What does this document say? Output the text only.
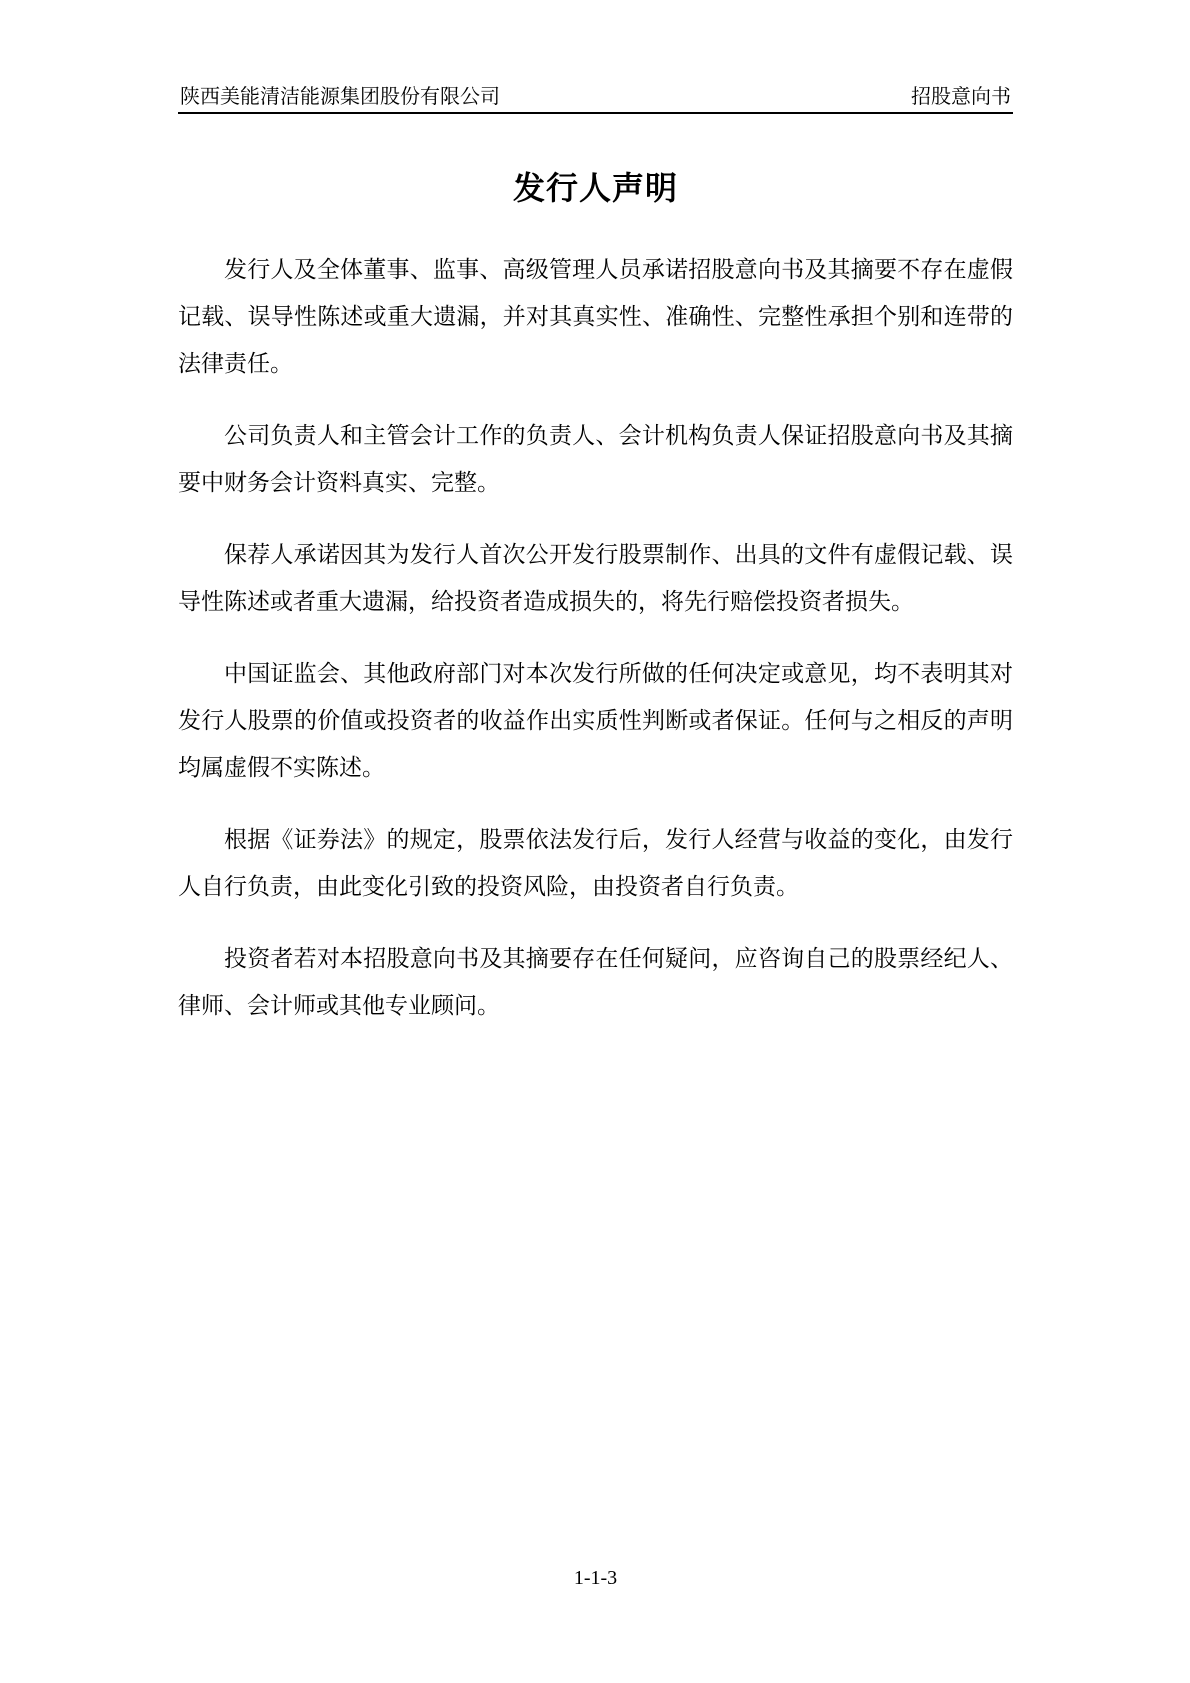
陕西美能清洁能源集团股份有限公司	招股意向书
发行人声明

发行人及全体董事、监事、高级管理人员承诺招股意向书及其摘要不存在虚假记载、误导性陈述或重大遗漏，并对其真实性、准确性、完整性承担个别和连带的法律责任。

公司负责人和主管会计工作的负责人、会计机构负责人保证招股意向书及其摘要中财务会计资料真实、完整。

保荐人承诺因其为发行人首次公开发行股票制作、出具的文件有虚假记载、误导性陈述或者重大遗漏，给投资者造成损失的，将先行赔偿投资者损失。

中国证监会、其他政府部门对本次发行所做的任何决定或意见，均不表明其对发行人股票的价值或投资者的收益作出实质性判断或者保证。任何与之相反的声明均属虚假不实陈述。

根据《证券法》的规定，股票依法发行后，发行人经营与收益的变化，由发行人自行负责，由此变化引致的投资风险，由投资者自行负责。

投资者若对本招股意向书及其摘要存在任何疑问，应咨询自己的股票经纪人、律师、会计师或其他专业顾问。

1-1-3
